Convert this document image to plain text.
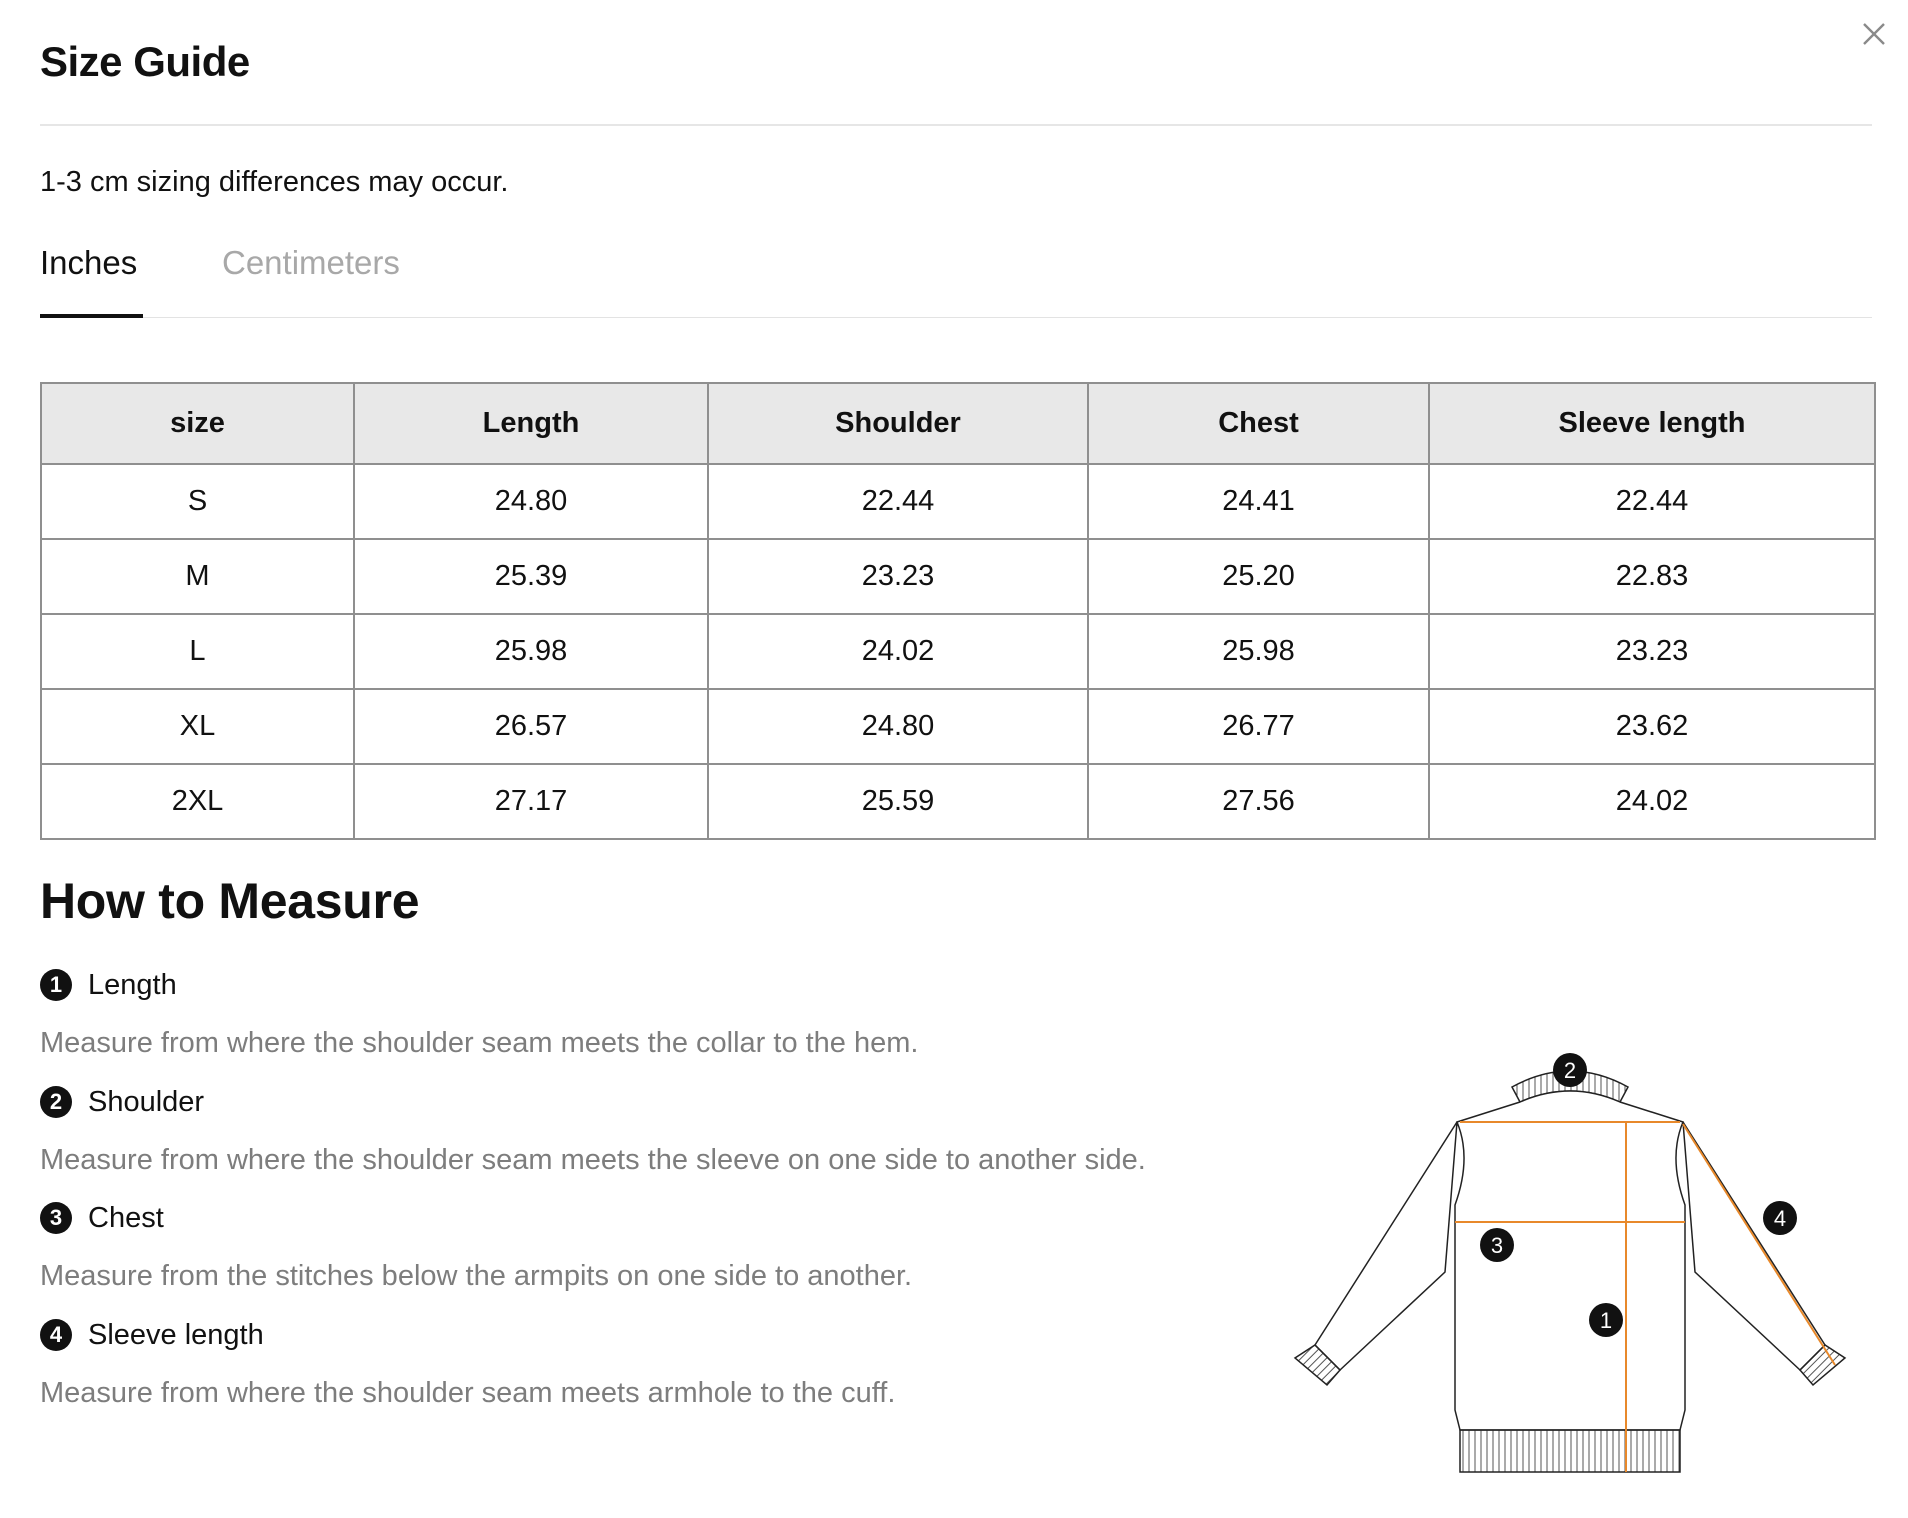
Size Guide
1-3 cm sizing differences may occur.
Inches	Centimeters
size	Length	Shoulder	Chest	Sleeve length
S	24.80	22.44	24.41	22.44
M	25.39	23.23	25.20	22.83
L	25.98	24.02	25.98	23.23
XL	26.57	24.80	26.77	23.62
2XL	27.17	25.59	27.56	24.02
How to Measure
1 Length
Measure from where the shoulder seam meets the collar to the hem.
2 Shoulder
Measure from where the shoulder seam meets the sleeve on one side to another side.
3 Chest
Measure from the stitches below the armpits on one side to another.
4 Sleeve length
Measure from where the shoulder seam meets armhole to the cuff.
2
3
1
4
